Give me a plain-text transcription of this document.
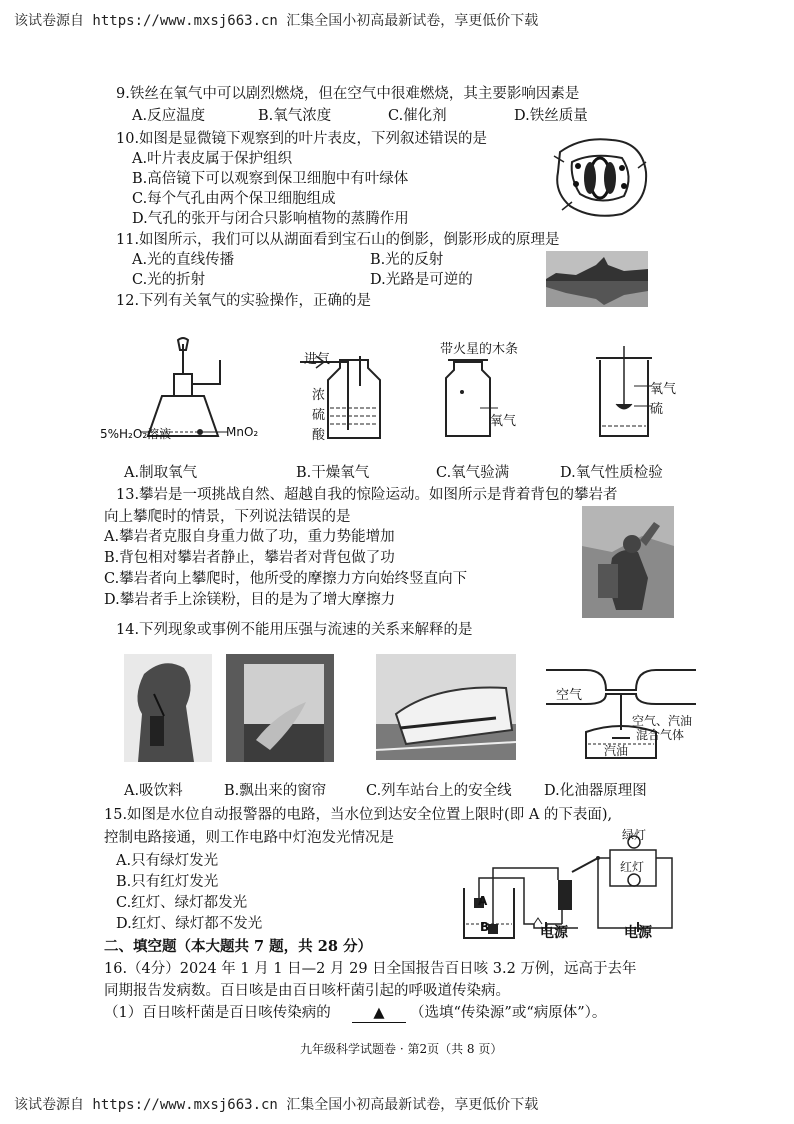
该试卷源自 https://www.mxsj663.cn 汇集全国小初高最新试卷，享更低价下载
9.铁丝在氧气中可以剧烈燃烧，但在空气中很难燃烧，其主要影响因素是
A.反应温度	B.氧气浓度	C.催化剂	D.铁丝质量
10.如图是显微镜下观察到的叶片表皮，下列叙述错误的是
A.叶片表皮属于保护组织
B.高倍镜下可以观察到保卫细胞中有叶绿体
C.每个气孔由两个保卫细胞组成
D.气孔的张开与闭合只影响植物的蒸腾作用
11.如图所示，我们可以从湖面看到宝石山的倒影，倒影形成的原理是
A.光的直线传播	B.光的反射
C.光的折射	D.光路是可逆的
12.下列有关氧气的实验操作，正确的是
5%H₂O₂溶液	MnO₂
进气
浓
硫
酸
带火星的木条
氧气
氧气
硫
A.制取氧气	B.干燥氧气	C.氧气验满	D.氧气性质检验
13.攀岩是一项挑战自然、超越自我的惊险运动。如图所示是背着背包的攀岩者
向上攀爬时的情景，下列说法错误的是
A.攀岩者克服自身重力做了功，重力势能增加
B.背包相对攀岩者静止，攀岩者对背包做了功
C.攀岩者向上攀爬时，他所受的摩擦力方向始终竖直向下
D.攀岩者手上涂镁粉，目的是为了增大摩擦力
14.下列现象或事例不能用压强与流速的关系来解释的是
空气
空气、汽油
混合气体
汽油
A.吸饮料	B.飘出来的窗帘	C.列车站台上的安全线 D.化油器原理图
15.如图是水位自动报警器的电路，当水位到达安全位置上限时(即 A 的下表面),
控制电路接通，则工作电路中灯泡发光情况是
A.只有绿灯发光
B.只有红灯发光
C.红灯、绿灯都发光
D.红灯、绿灯都不发光
绿灯
红灯
A
B	电源	电源
二、填空题（本大题共 7 题，共 28 分）
16.（4分）2024 年 1 月 1 日—2 月 29 日全国报告百日咳 3.2 万例，远高于去年
同期报告发病数。百日咳是由百日咳杆菌引起的呼吸道传染病。
（1）百日咳杆菌是百日咳传染病的	▲	（选填“传染源”或“病原体”）。
九年级科学试题卷 · 第2页（共 8 页）
该试卷源自 https://www.mxsj663.cn 汇集全国小初高最新试卷，享更低价下载
